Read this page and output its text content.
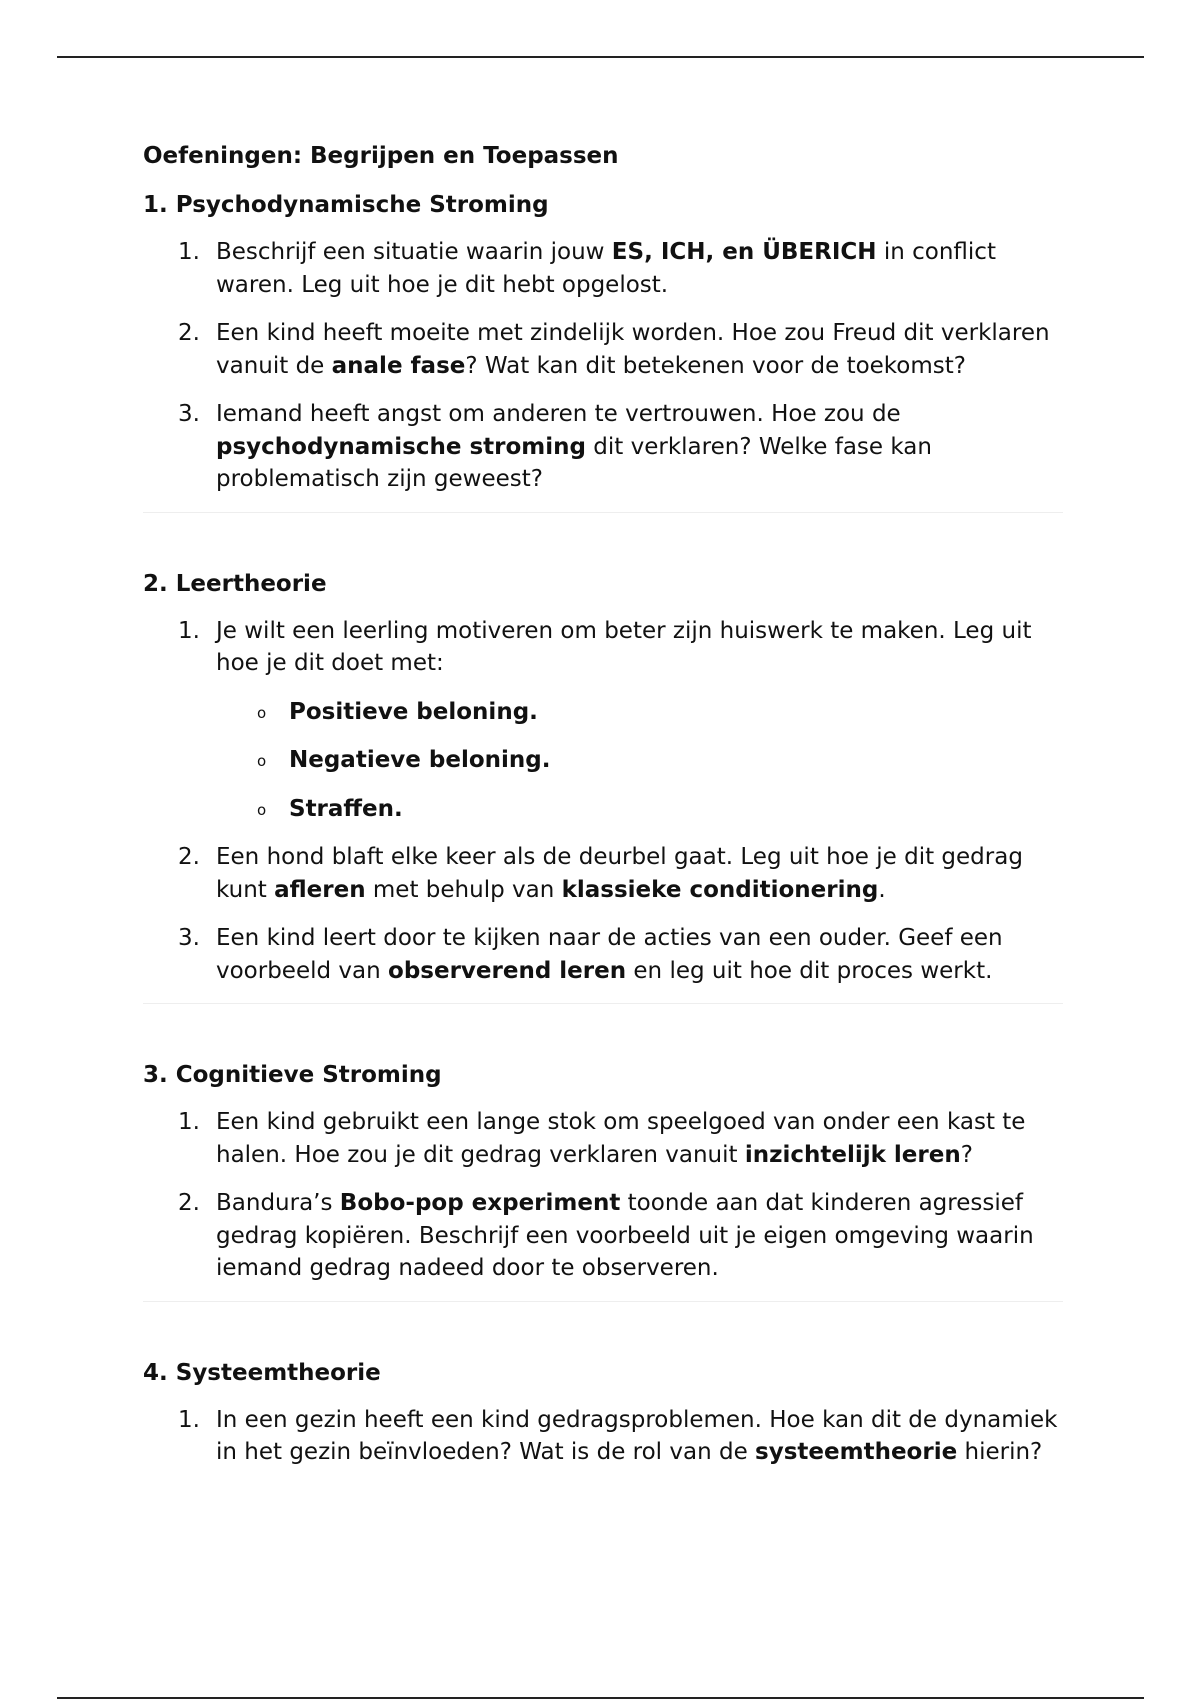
Oefeningen: Begrijpen en Toepassen
1. Psychodynamische Stroming
1. Beschrijf een situatie waarin jouw ES, ICH, en ÜBERICH in conflict waren. Leg uit hoe je dit hebt opgelost.
2. Een kind heeft moeite met zindelijk worden. Hoe zou Freud dit verklaren vanuit de anale fase? Wat kan dit betekenen voor de toekomst?
3. Iemand heeft angst om anderen te vertrouwen. Hoe zou de psychodynamische stroming dit verklaren? Welke fase kan problematisch zijn geweest?
2. Leertheorie
1. Je wilt een leerling motiveren om beter zijn huiswerk te maken. Leg uit hoe je dit doet met:
o Positieve beloning.
o Negatieve beloning.
o Straffen.
2. Een hond blaft elke keer als de deurbel gaat. Leg uit hoe je dit gedrag kunt afleren met behulp van klassieke conditionering.
3. Een kind leert door te kijken naar de acties van een ouder. Geef een voorbeeld van observerend leren en leg uit hoe dit proces werkt.
3. Cognitieve Stroming
1. Een kind gebruikt een lange stok om speelgoed van onder een kast te halen. Hoe zou je dit gedrag verklaren vanuit inzichtelijk leren?
2. Bandura’s Bobo-pop experiment toonde aan dat kinderen agressief gedrag kopiëren. Beschrijf een voorbeeld uit je eigen omgeving waarin iemand gedrag nadeed door te observeren.
4. Systeemtheorie
1. In een gezin heeft een kind gedragsproblemen. Hoe kan dit de dynamiek in het gezin beïnvloeden? Wat is de rol van de systeemtheorie hierin?
